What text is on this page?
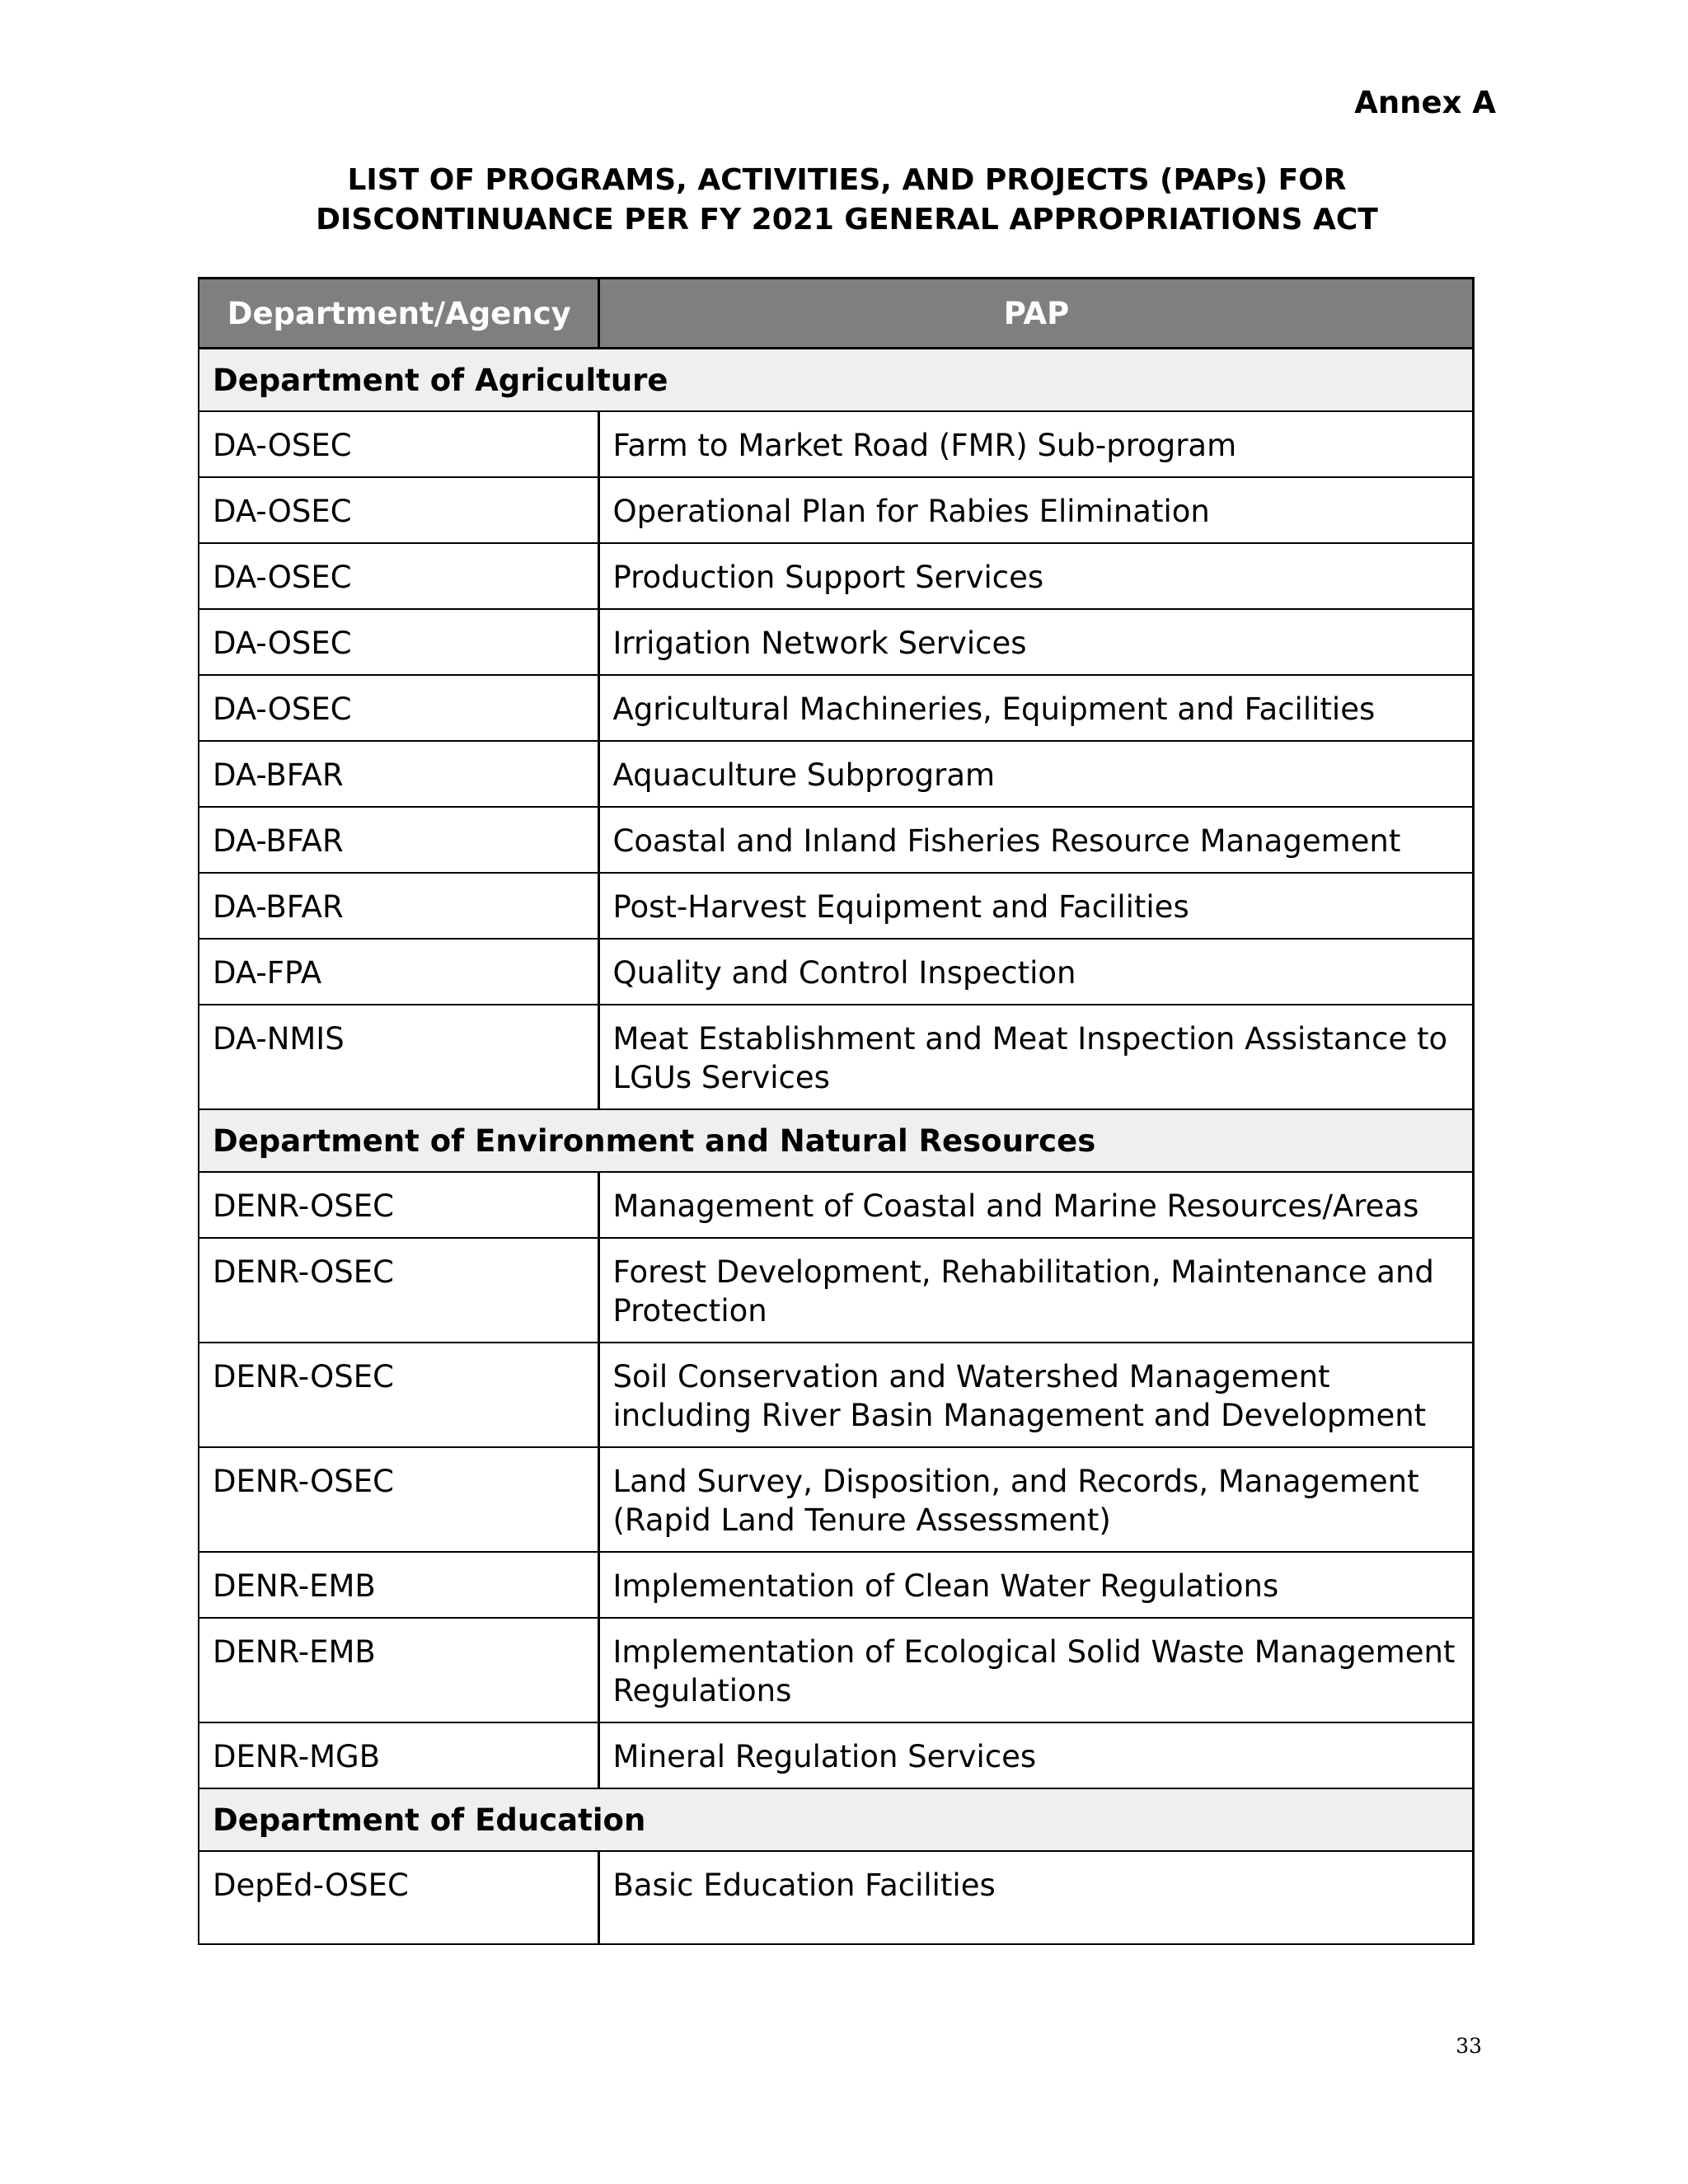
Annex A

LIST OF PROGRAMS, ACTIVITIES, AND PROJECTS (PAPs) FOR
DISCONTINUANCE PER FY 2021 GENERAL APPROPRIATIONS ACT
Department/Agency	PAP
Department of Agriculture	
DA-OSEC	Farm to Market Road (FMR) Sub-program
DA-OSEC	Operational Plan for Rabies Elimination
DA-OSEC	Production Support Services
DA-OSEC	Irrigation Network Services
DA-OSEC	Agricultural Machineries, Equipment and Facilities
DA-BFAR	Aquaculture Subprogram
DA-BFAR	Coastal and Inland Fisheries Resource Management
DA-BFAR	Post-Harvest Equipment and Facilities
DA-FPA	Quality and Control Inspection
DA-NMIS	Meat Establishment and Meat Inspection Assistance to LGUs Services
Department of Environment and Natural Resources	
DENR-OSEC	Management of Coastal and Marine Resources/Areas
DENR-OSEC	Forest Development, Rehabilitation, Maintenance and Protection
DENR-OSEC	Soil Conservation and Watershed Management including River Basin Management and Development
DENR-OSEC	Land Survey, Disposition, and Records, Management (Rapid Land Tenure Assessment)
DENR-EMB	Implementation of Clean Water Regulations
DENR-EMB	Implementation of Ecological Solid Waste Management Regulations
DENR-MGB	Mineral Regulation Services
Department of Education	
DepEd-OSEC	Basic Education Facilities

33
